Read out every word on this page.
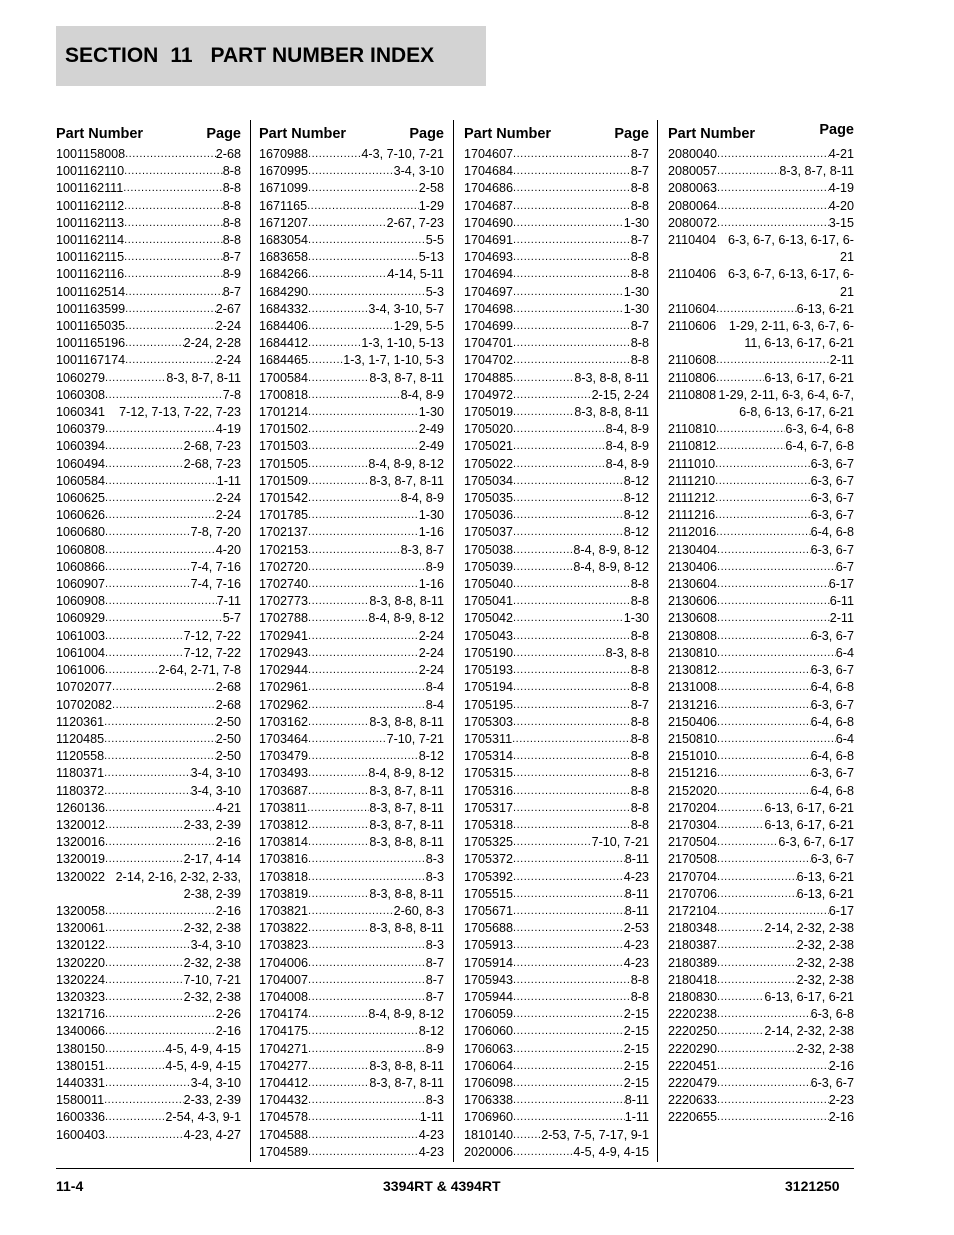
SECTION 11 PART NUMBER INDEX
Part Number	Page
1001158008 .....	2-68
1001162110 .....	8-8
1001162111 .....	8-8
1001162112 .....	8-8
1001162113 .....	8-8
1001162114 .....	8-8
1001162115 .....	8-7
1001162116 .....	8-9
1001162514 .....	8-7
1001163599 .....	2-67
1001165035 .....	2-24
1001165196 .....	2-24, 2-28
1001167174 .....	2-24
1060279 .....	8-3, 8-7, 8-11
1060308 .....	7-8
1060341	7-12, 7-13, 7-22, 7-23
1060379 .....	4-19
1060394 .....	2-68, 7-23
1060494 .....	2-68, 7-23
1060584 .....	1-11
1060625 .....	2-24
1060626 .....	2-24
1060680 .....	7-8, 7-20
1060808 .....	4-20
1060866 .....	7-4, 7-16
1060907 .....	7-4, 7-16
1060908 .....	7-11
1060929 .....	5-7
1061003 .....	7-12, 7-22
1061004 .....	7-12, 7-22
1061006 .....	2-64, 2-71, 7-8
10702077 .....	2-68
10702082 .....	2-68
1120361 .....	2-50
1120485 .....	2-50
1120558 .....	2-50
1180371 .....	3-4, 3-10
1180372 .....	3-4, 3-10
1260136 .....	4-21
1320012 .....	2-33, 2-39
1320016 .....	2-16
1320019 .....	2-17, 4-14
1320022 2-14, 2-16, 2-32, 2-33, 2-38, 2-39
1320058 .....	2-16
1320061 .....	2-32, 2-38
1320122 .....	3-4, 3-10
1320220 .....	2-32, 2-38
1320224 .....	7-10, 7-21
1320323 .....	2-32, 2-38
1321716 .....	2-26
1340066 .....	2-16
1380150 .....	4-5, 4-9, 4-15
1380151 .....	4-5, 4-9, 4-15
1440331 .....	3-4, 3-10
1580011 .....	2-33, 2-39
1600336 .....	2-54, 4-3, 9-1
1600403 .....	4-23, 4-27
Part Number	Page
1670988 .....	4-3, 7-10, 7-21
1670995 .....	3-4, 3-10
1671099 .....	2-58
1671165 .....	1-29
1671207 .....	2-67, 7-23
1683054 .....	5-5
1683658 .....	5-13
1684266 .....	4-14, 5-11
1684290 .....	5-3
1684332 .....	3-4, 3-10, 5-7
1684406 .....	1-29, 5-5
1684412 .....	1-3, 1-10, 5-13
1684465 .....	1-3, 1-7, 1-10, 5-3
1700584 .....	8-3, 8-7, 8-11
1700818 .....	8-4, 8-9
1701214 .....	1-30
1701502 .....	2-49
1701503 .....	2-49
1701505 .....	8-4, 8-9, 8-12
1701509 .....	8-3, 8-7, 8-11
1701542 .....	8-4, 8-9
1701785 .....	1-30
1702137 .....	1-16
1702153 .....	8-3, 8-7
1702720 .....	8-9
1702740 .....	1-16
1702773 .....	8-3, 8-8, 8-11
1702788 .....	8-4, 8-9, 8-12
1702941 .....	2-24
1702943 .....	2-24
1702944 .....	2-24
1702961 .....	8-4
1702962 .....	8-4
1703162 .....	8-3, 8-8, 8-11
1703464 .....	7-10, 7-21
1703479 .....	8-12
1703493 .....	8-4, 8-9, 8-12
1703687 .....	8-3, 8-7, 8-11
1703811 .....	8-3, 8-7, 8-11
1703812 .....	8-3, 8-7, 8-11
1703814 .....	8-3, 8-8, 8-11
1703816 .....	8-3
1703818 .....	8-3
1703819 .....	8-3, 8-8, 8-11
1703821 .....	2-60, 8-3
1703822 .....	8-3, 8-8, 8-11
1703823 .....	8-3
1704006 .....	8-7
1704007 .....	8-7
1704008 .....	8-7
1704174 .....	8-4, 8-9, 8-12
1704175 .....	8-12
1704271 .....	8-9
1704277 .....	8-3, 8-8, 8-11
1704412 .....	8-3, 8-7, 8-11
1704432 .....	8-3
1704578 .....	1-11
1704588 .....	4-23
1704589 .....	4-23
Part Number	Page
1704607 .....	8-7
1704684 .....	8-7
1704686 .....	8-8
1704687 .....	8-8
1704690 .....	1-30
1704691 .....	8-7
1704693 .....	8-8
1704694 .....	8-8
1704697 .....	1-30
1704698 .....	1-30
1704699 .....	8-7
1704701 .....	8-8
1704702 .....	8-8
1704885 .....	8-3, 8-8, 8-11
1704972 .....	2-15, 2-24
1705019 .....	8-3, 8-8, 8-11
1705020 .....	8-4, 8-9
1705021 .....	8-4, 8-9
1705022 .....	8-4, 8-9
1705034 .....	8-12
1705035 .....	8-12
1705036 .....	8-12
1705037 .....	8-12
1705038 .....	8-4, 8-9, 8-12
1705039 .....	8-4, 8-9, 8-12
1705040 .....	8-8
1705041 .....	8-8
1705042 .....	1-30
1705043 .....	8-8
1705190 .....	8-3, 8-8
1705193 .....	8-8
1705194 .....	8-8
1705195 .....	8-7
1705303 .....	8-8
1705311 .....	8-8
1705314 .....	8-8
1705315 .....	8-8
1705316 .....	8-8
1705317 .....	8-8
1705318 .....	8-8
1705325 .....	7-10, 7-21
1705372 .....	8-11
1705392 .....	4-23
1705515 .....	8-11
1705671 .....	8-11
1705688 .....	2-53
1705913 .....	4-23
1705914 .....	4-23
1705943 .....	8-8
1705944 .....	8-8
1706059 .....	2-15
1706060 .....	2-15
1706063 .....	2-15
1706064 .....	2-15
1706098 .....	2-15
1706338 .....	8-11
1706960 .....	1-11
1810140 ..... 2-53, 7-5, 7-17, 9-1
2020006 .....	4-5, 4-9, 4-15
Part Number	Page
2080040 .....	4-21
2080057 .....	8-3, 8-7, 8-11
2080063 .....	4-19
2080064 .....	4-20
2080072 .....	3-15
2110404 6-3, 6-7, 6-13, 6-17, 6-21
2110406 6-3, 6-7, 6-13, 6-17, 6-21
2110604 .....	6-13, 6-21
2110606	1-29, 2-11, 6-3, 6-7, 6-11, 6-13, 6-17, 6-21
2110608 .....	2-11
2110806 .....	6-13, 6-17, 6-21
2110808 1-29, 2-11, 6-3, 6-4, 6-7, 6-8, 6-13, 6-17, 6-21
2110810 .....	6-3, 6-4, 6-8
2110812 .....	6-4, 6-7, 6-8
2111010 .....	6-3, 6-7
2111210 .....	6-3, 6-7
2111212 .....	6-3, 6-7
2111216 .....	6-3, 6-7
2112016 .....	6-4, 6-8
2130404 .....	6-3, 6-7
2130406 .....	6-7
2130604 .....	6-17
2130606 .....	6-11
2130608 .....	2-11
2130808 .....	6-3, 6-7
2130810 .....	6-4
2130812 .....	6-3, 6-7
2131008 .....	6-4, 6-8
2131216 .....	6-3, 6-7
2150406 .....	6-4, 6-8
2150810 .....	6-4
2151010 .....	6-4, 6-8
2151216 .....	6-3, 6-7
2152020 .....	6-4, 6-8
2170204 .....	6-13, 6-17, 6-21
2170304 .....	6-13, 6-17, 6-21
2170504 .....	6-3, 6-7, 6-17
2170508 .....	6-3, 6-7
2170704 .....	6-13, 6-21
2170706 .....	6-13, 6-21
2172104 .....	6-17
2180348 .....	2-14, 2-32, 2-38
2180387 .....	2-32, 2-38
2180389 .....	2-32, 2-38
2180418 .....	2-32, 2-38
2180830 .....	6-13, 6-17, 6-21
2220238 .....	6-3, 6-8
2220250 .....	2-14, 2-32, 2-38
2220290 .....	2-32, 2-38
2220451 .....	2-16
2220479 .....	6-3, 6-7
2220633 .....	2-23
2220655 .....	2-16
11-4	3394RT & 4394RT	3121250
